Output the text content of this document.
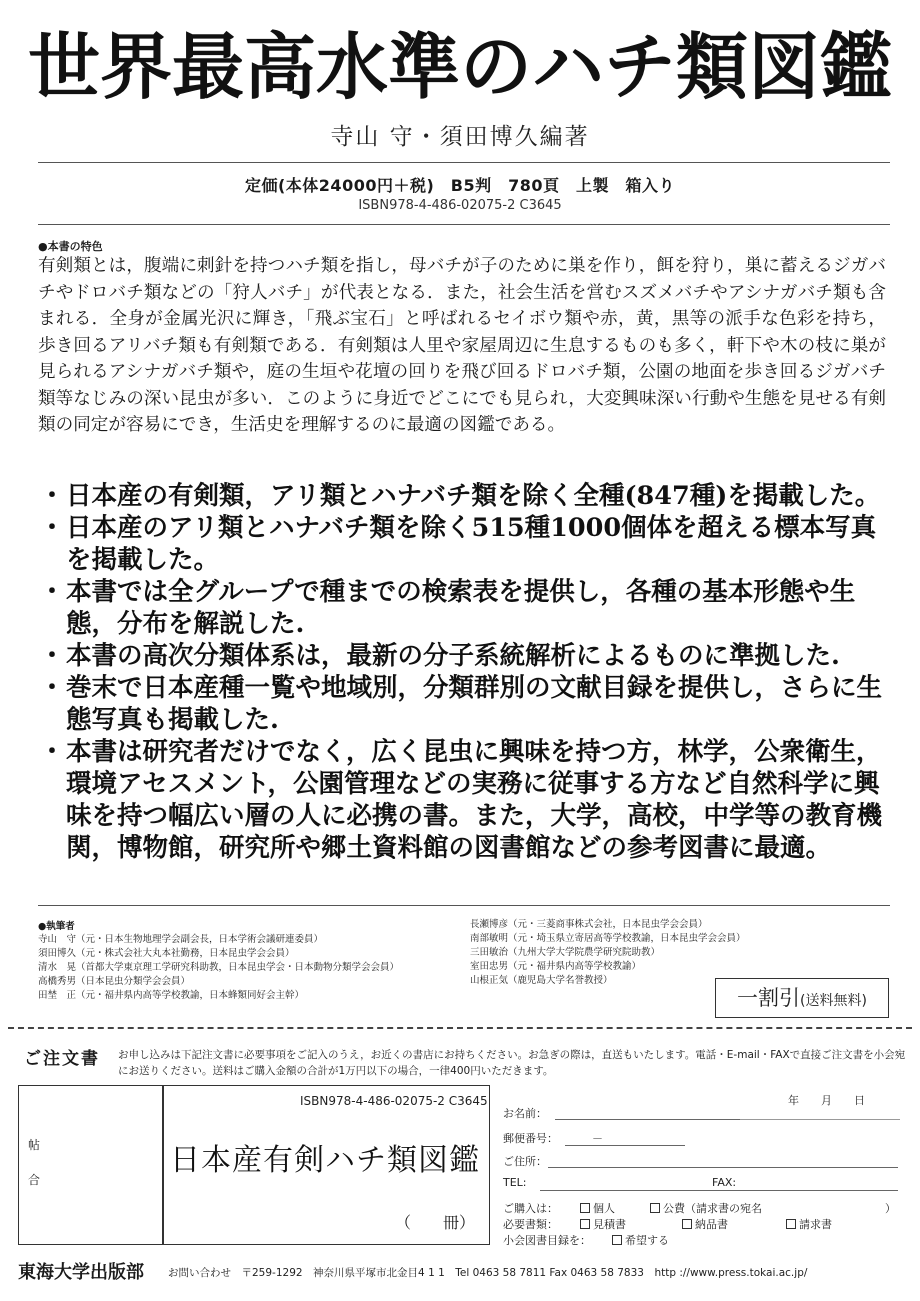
世界最高水準のハチ類図鑑
寺山 守・須田博久編著
定価(本体24000円＋税)　B5判　780頁　上製　箱入り
ISBN978-4-486-02075-2 C3645
●本書の特色
有剣類とは，腹端に刺針を持つハチ類を指し，母バチが子のために巣を作り，餌を狩り，巣に蓄えるジガバチやドロバチ類などの「狩人バチ」が代表となる．また，社会生活を営むスズメバチやアシナガバチ類も含まれる．全身が金属光沢に輝き，「飛ぶ宝石」と呼ばれるセイボウ類や赤，黄，黒等の派手な色彩を持ち，歩き回るアリバチ類も有剣類である．有剣類は人里や家屋周辺に生息するものも多く，軒下や木の枝に巣が見られるアシナガバチ類や，庭の生垣や花壇の回りを飛び回るドロバチ類，公園の地面を歩き回るジガバチ類等なじみの深い昆虫が多い．このように身近でどこにでも見られ，大変興味深い行動や生態を見せる有剣類の同定が容易にでき，生活史を理解するのに最適の図鑑である。
・日本産の有剣類，アリ類とハナバチ類を除く全種(847種)を掲載した。
・日本産のアリ類とハナバチ類を除く515種1000個体を超える標本写真を掲載した。
・本書では全グループで種までの検索表を提供し，各種の基本形態や生態，分布を解説した.
・本書の高次分類体系は，最新の分子系統解析によるものに準拠した.
・巻末で日本産種一覧や地域別，分類群別の文献目録を提供し，さらに生態写真も掲載した.
・本書は研究者だけでなく，広く昆虫に興味を持つ方，林学，公衆衛生，環境アセスメント，公園管理などの実務に従事する方など自然科学に興味を持つ幅広い層の人に必携の書。また，大学，高校，中学等の教育機関，博物館，研究所や郷土資料館の図書館などの参考図書に最適。
●執筆者
寺山　守（元・日本生物地理学会副会長，日本学術会議研連委員）
須田博久（元・株式会社大丸本社勤務，日本昆虫学会会員）
清水　晃（首都大学東京理工学研究科助教，日本昆虫学会・日本動物分類学会会員）
高橋秀男（日本昆虫分類学会会員）
田埜　正（元・福井県内高等学校教諭，日本蜂類同好会主幹）
長瀬博彦（元・三菱商事株式会社，日本昆虫学会会員）
南部敏明（元・埼玉県立寄居高等学校教諭，日本昆虫学会会員）
三田敏治（九州大学大学院農学研究院助教）
室田忠男（元・福井県内高等学校教諭）
山根正気（鹿児島大学名誉教授）
一割引(送料無料)
ご注文書 お申し込みは下記注文書に必要事項をご記入のうえ，お近くの書店にお持ちください。お急ぎの際は，直送もいたします。電話・E-mail・FAXで直接ご注文書を小会宛にお送りください。送料はご購入金額の合計が1万円以下の場合，一律400円いただきます。
帖
合
ISBN978-4-486-02075-2 C3645
日本産有剣ハチ類図鑑
（　　冊）
年　　月　　日
お名前：
郵便番号：	－
ご住所：
TEL:	FAX:
ご購入は：	個人	公費（請求書の宛名	）
必要書類：	見積書	納品書	請求書
小会図書目録を：	希望する
東海大学出版部 お問い合わせ　〒259-1292　神奈川県平塚市北金目4 1 1　Tel 0463 58 7811 Fax 0463 58 7833　http ://www.press.tokai.ac.jp/
